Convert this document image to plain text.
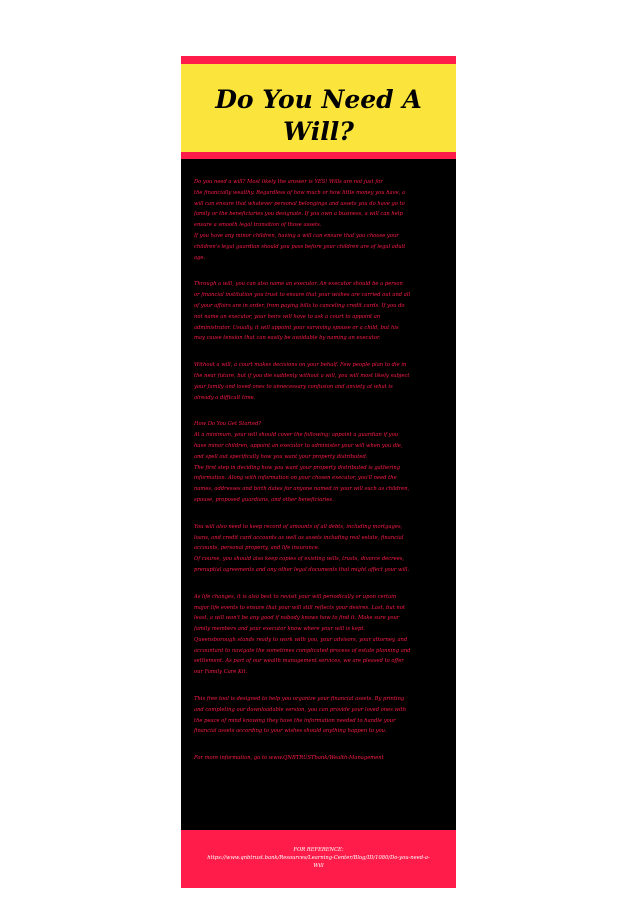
Do You Need A
Will?

Do you need a will? Most likely the answer is YES! Wills are not just for
the financially wealthy. Regardless of how much or how little money you have, a
will can ensure that whatever personal belongings and assets you do have go to
family or the beneficiaries you designate. If you own a business, a will can help
ensure a smooth legal transition of those assets.
If you have any minor children, having a will can ensure that you choose your
children's legal guardian should you pass before your children are of legal adult
age.

Through a will, you can also name an executor. An executor should be a person
or financial institution you trust to ensure that your wishes are carried out and all
of your affairs are in order, from paying bills to canceling credit cards. If you do
not name an executor, your heirs will have to ask a court to appoint an
administrator. Usually, it will appoint your surviving spouse or a child, but his
may cause tension that can easily be avoidable by naming an executor.

Without a will, a court makes decisions on your behalf. Few people plan to die in
the near future, but if you die suddenly without a will, you will most likely subject
your family and loved ones to unnecessary confusion and anxiety at what is
already a difficult time.

How Do You Get Started?
At a minimum, your will should cover the following: appoint a guardian if you
have minor children, appoint an executor to administer your will when you die,
and spell out specifically how you want your property distributed.
The first step in deciding how you want your property distributed is gathering
information. Along with information on your chosen executor, you'll need the
names, addresses and birth dates for anyone named in your will such as children,
spouse, proposed guardians, and other beneficiaries.

You will also need to keep record of amounts of all debts, including mortgages,
loans, and credit card accounts as well as assets including real estate, financial
accounts, personal property, and life insurance.
Of course, you should also keep copies of existing wills, trusts, divorce decrees,
prenuptial agreements and any other legal documents that might affect your will.

As life changes, it is also best to revisit your will periodically or upon certain
major life events to ensure that your will still reflects your desires. Last, but not
least, a will won't be any good if nobody knows how to find it. Make sure your
family members and your executor know where your will is kept.
Queensborough stands ready to work with you, your advisors, your attorney, and
accountant to navigate the sometimes complicated process of estate planning and
settlement. As part of our wealth management services, we are pleased to offer
our Family Care Kit.

This free tool is designed to help you organize your financial assets. By printing
and completing our downloadable version, you can provide your loved ones with
the peace of mind knowing they have the information needed to handle your
financial assets according to your wishes should anything happen to you.

For more information, go to www.QNBTRUSTbank/Wealth-Management

FOR REFERENCE:
https://www.qnbtrust.bank/Resources/Learning-Center/Blog/ID/1080/Do-you-need-a-
Will
